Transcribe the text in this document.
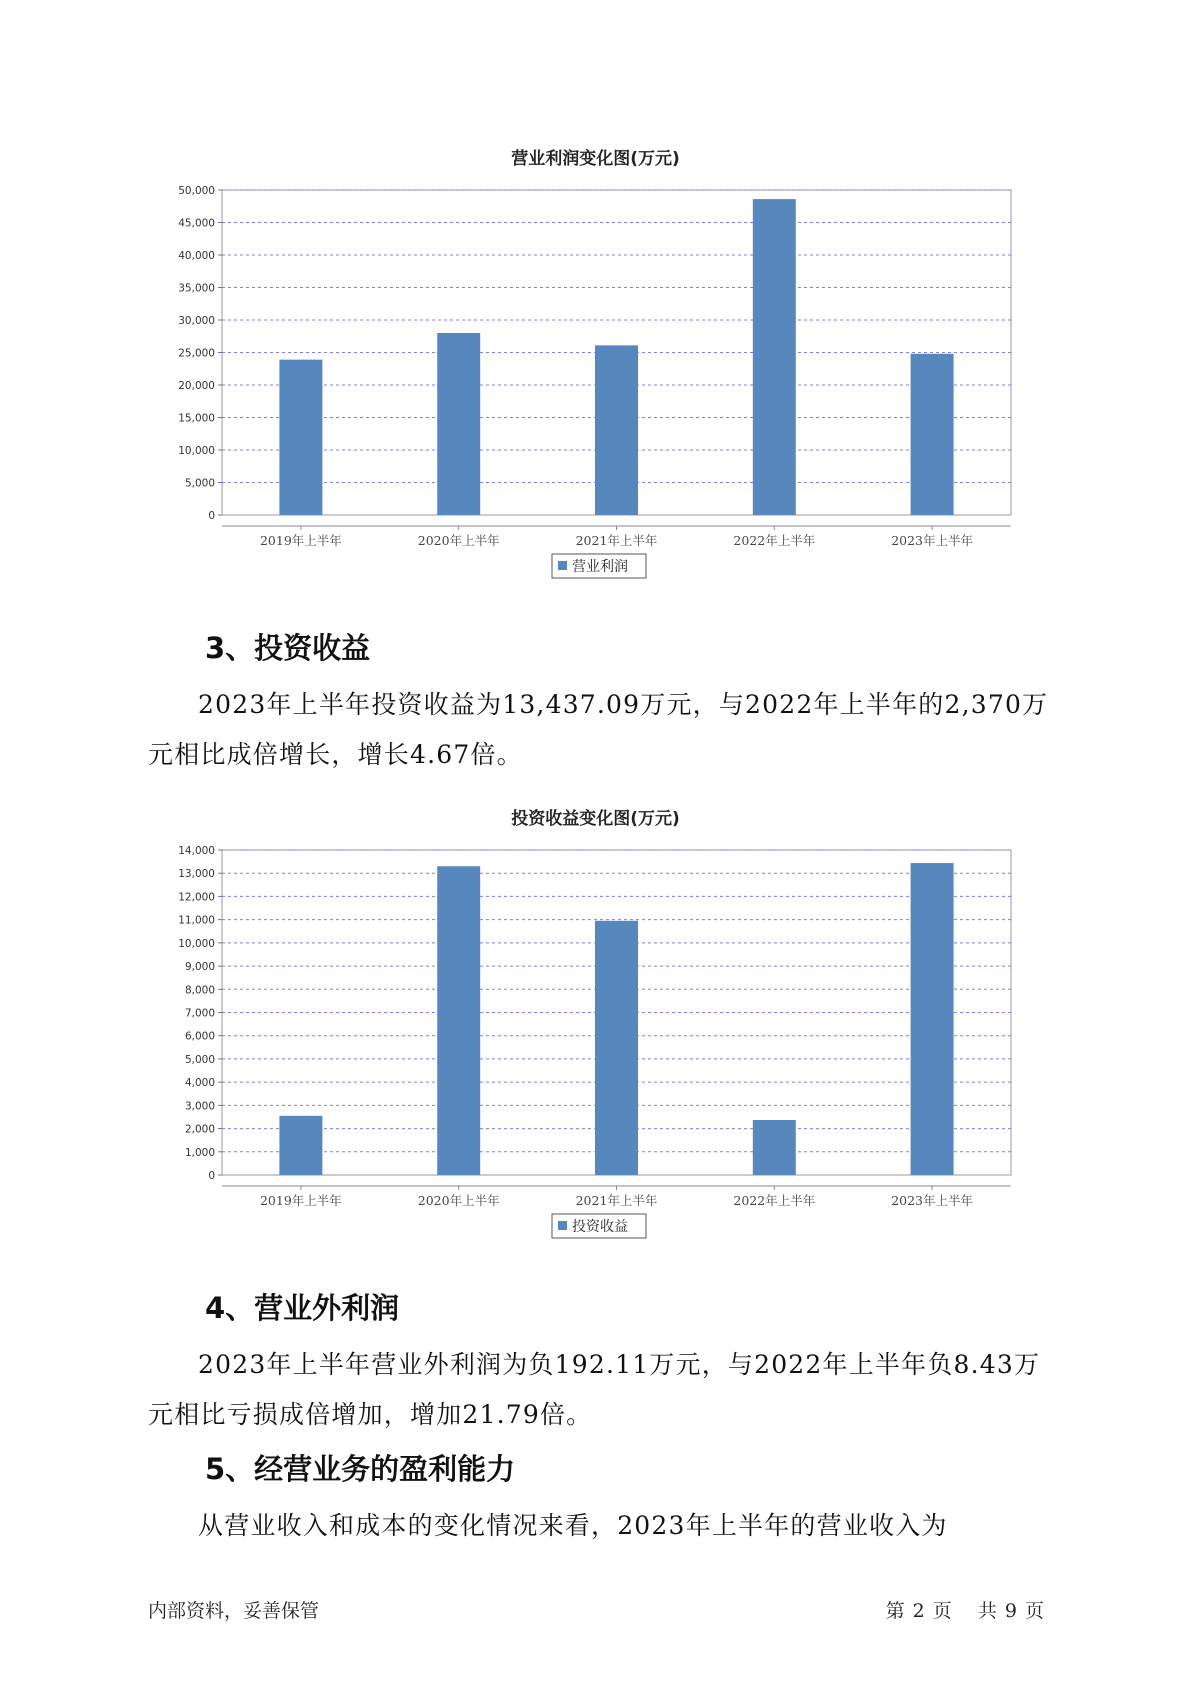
营业利润变化图(万元)
0
5,000
10,000
15,000
20,000
25,000
30,000
35,000
40,000
45,000
50,000
2019年上半年	2020年上半年	2021年上半年	2022年上半年	2023年上半年
营业利润
3、投资收益

2023年上半年投资收益为13,437.09万元，与2022年上半年的2,370万
元相比成倍增长，增长4.67倍。

投资收益变化图(万元)
0
1,000
2,000
3,000
4,000
5,000
6,000
7,000
8,000
9,000
10,000
11,000
12,000
13,000
14,000
2019年上半年	2020年上半年	2021年上半年	2022年上半年	2023年上半年
投资收益
4、营业外利润

2023年上半年营业外利润为负192.11万元，与2022年上半年负8.43万
元相比亏损成倍增加，增加21.79倍。

5、经营业务的盈利能力

从营业收入和成本的变化情况来看，2023年上半年的营业收入为

内部资料，妥善保管	第 2 页 共 9 页
